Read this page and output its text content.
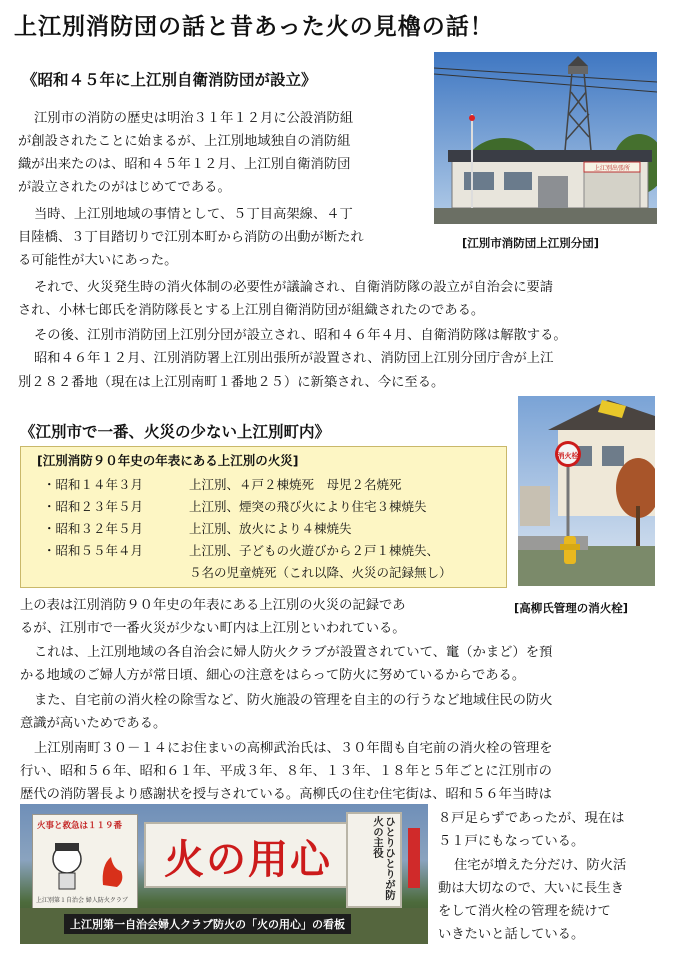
上江別消防団の話と昔あった火の見櫓の話！
《昭和４５年に上江別自衛消防団が設立》
上江別出張所
[江別市消防団上江別分団]
江別市の消防の歴史は明治３１年１２月に公設消防組
が創設されたことに始まるが、上江別地域独自の消防組
織が出来たのは、昭和４５年１２月、上江別自衛消防団
が設立されたのがはじめてである。
当時、上江別地域の事情として、５丁目高架線、４丁
目陸橋、３丁目踏切りで江別本町から消防の出動が断たれ
る可能性が大いにあった。
それで、火災発生時の消火体制の必要性が議論され、自衛消防隊の設立が自治会に要請
され、小林七郎氏を消防隊長とする上江別自衛消防団が組織されたのである。
その後、江別市消防団上江別分団が設立され、昭和４６年４月、自衛消防隊は解散する。
昭和４６年１２月、江別消防署上江別出張所が設置され、消防団上江別分団庁舎が上江
別２８２番地（現在は上江別南町１番地２５）に新築され、今に至る。
《江別市で一番、火災の少ない上江別町内》
[江別消防９０年史の年表にある上江別の火災]
・昭和１４年３月	上江別、４戸２棟焼死　母児２名焼死
・昭和２３年５月	上江別、煙突の飛び火により住宅３棟焼失
・昭和３２年５月	上江別、放火により４棟焼失
・昭和５５年４月	上江別、子どもの火遊びから２戸１棟焼失、
５名の児童焼死（これ以降、火災の記録無し）
消火栓
[高柳氏管理の消火栓]
上の表は江別消防９０年史の年表にある上江別の火災の記録であ
るが、江別市で一番火災が少ない町内は上江別といわれている。
これは、上江別地域の各自治会に婦人防火クラブが設置されていて、竃（かまど）を預
かる地域のご婦人方が常日頃、細心の注意をはらって防火に努めているからである。
また、自宅前の消火栓の除雪など、防火施設の管理を自主的の行うなど地域住民の防火
意識が高いためである。
上江別南町３０－１４にお住まいの高柳武治氏は、３０年間も自宅前の消火栓の管理を
行い、昭和５６年、昭和６１年、平成３年、８年、１３年、１８年と５年ごとに江別市の
歴代の消防署長より感謝状を授与されている。高柳氏の住む住宅街は、昭和５６年当時は
８戸足らずであったが、現在は
５１戸にもなっている。
住宅が増えた分だけ、防火活
動は大切なので、大いに長生き
をして消火栓の管理を続けて
いきたいと話している。
火事と救急は１１９番
上江別第１自治会 婦人防火クラブ
火の用心	ひとりひとりが防火の主役
上江別第一自治会婦人クラブ防火の「火の用心」の看板
